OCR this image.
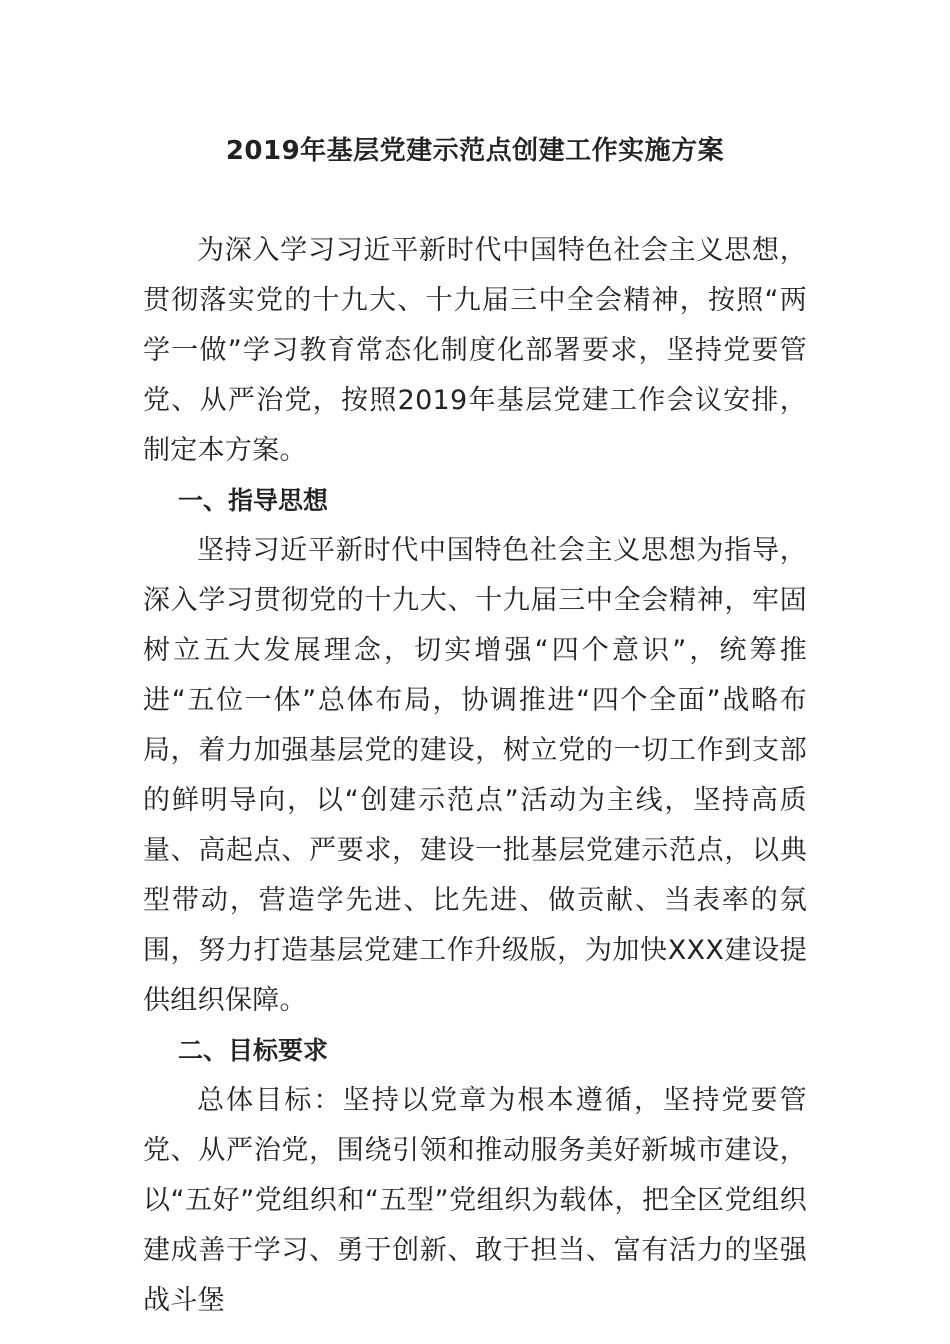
2019年基层党建示范点创建工作实施方案

为深入学习习近平新时代中国特色社会主义思想，贯彻落实党的十九大、十九届三中全会精神，按照“两学一做”学习教育常态化制度化部署要求，坚持党要管党、从严治党，按照2019年基层党建工作会议安排，制定本方案。

一、指导思想

坚持习近平新时代中国特色社会主义思想为指导，深入学习贯彻党的十九大、十九届三中全会精神，牢固树立五大发展理念，切实增强“四个意识”，统筹推进“五位一体”总体布局，协调推进“四个全面”战略布局，着力加强基层党的建设，树立党的一切工作到支部的鲜明导向，以“创建示范点”活动为主线，坚持高质量、高起点、严要求，建设一批基层党建示范点，以典型带动，营造学先进、比先进、做贡献、当表率的氛围，努力打造基层党建工作升级版，为加快XXX建设提供组织保障。

二、目标要求

总体目标：坚持以党章为根本遵循，坚持党要管党、从严治党，围绕引领和推动服务美好新城市建设，以“五好”党组织和“五型”党组织为载体，把全区党组织建成善于学习、勇于创新、敢于担当、富有活力的坚强战斗堡
